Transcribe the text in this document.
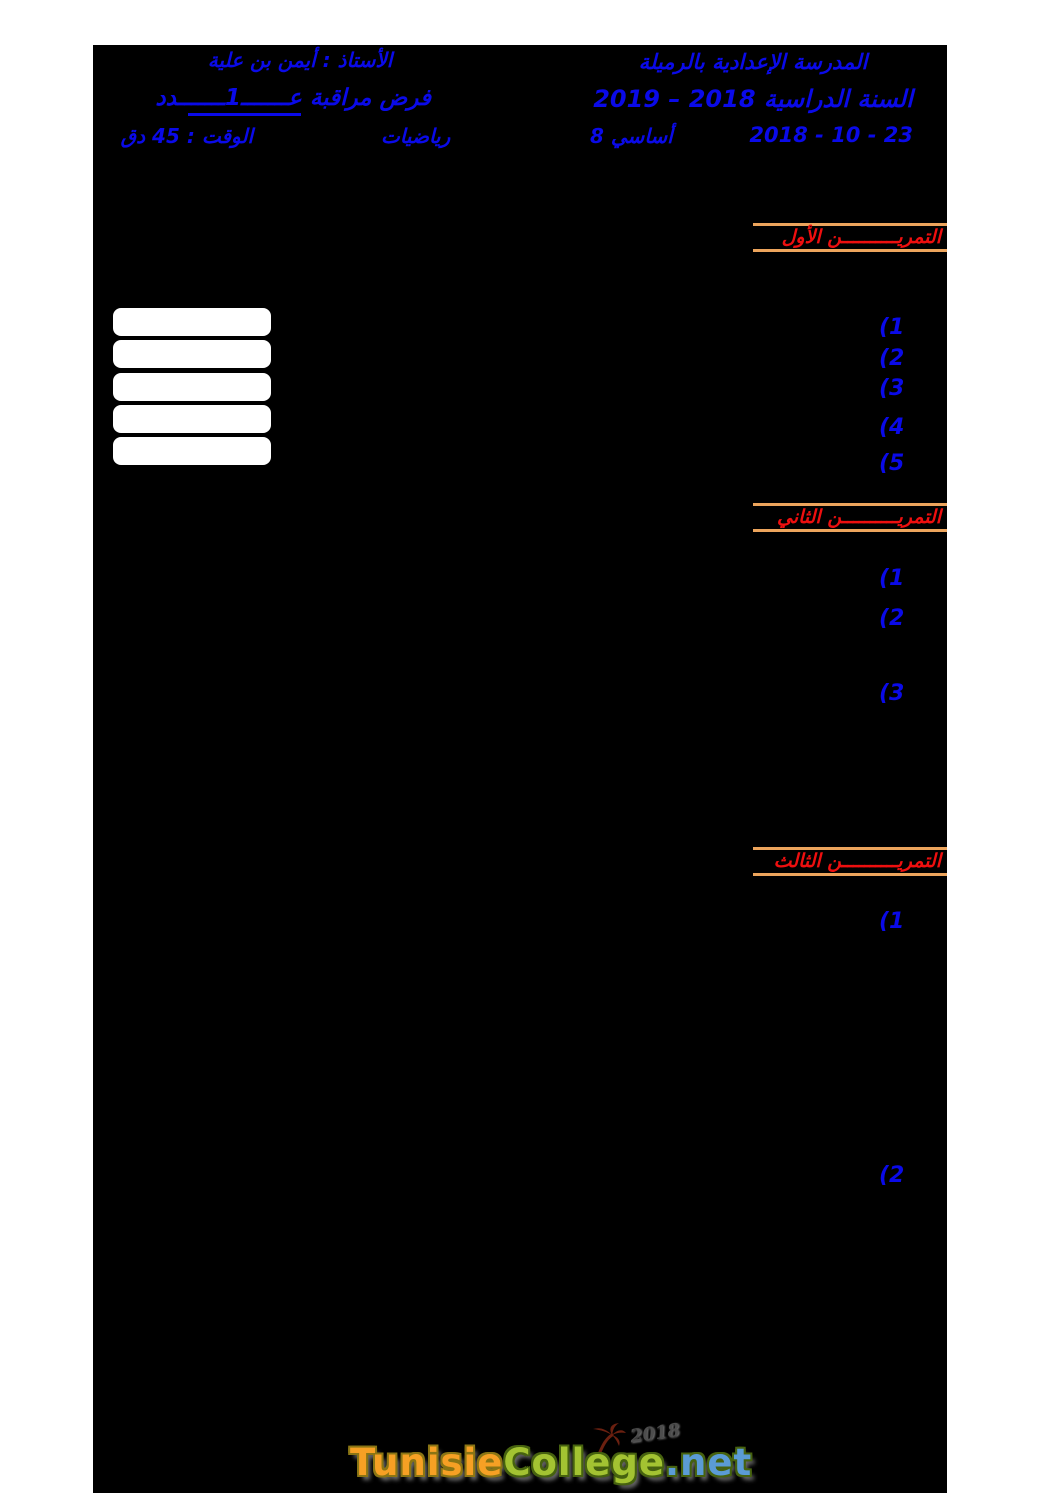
المدرسة الإعدادية بالرميلة
السنة الدراسية 2018 – 2019
8 أساسي	23 - 10 - 2018
الأستاذ : أيمن بن علية
فرض مراقبة عـــــــ1ـــــــدد
رياضيات
الوقت : 45 دق
التمريــــــــــن الأول
(1
(2
(3
(4
(5
التمريــــــــــن الثاني
(1
(2
(3
التمريــــــــــن الثالث
(1
(2
2018
TunisieCollege.net
